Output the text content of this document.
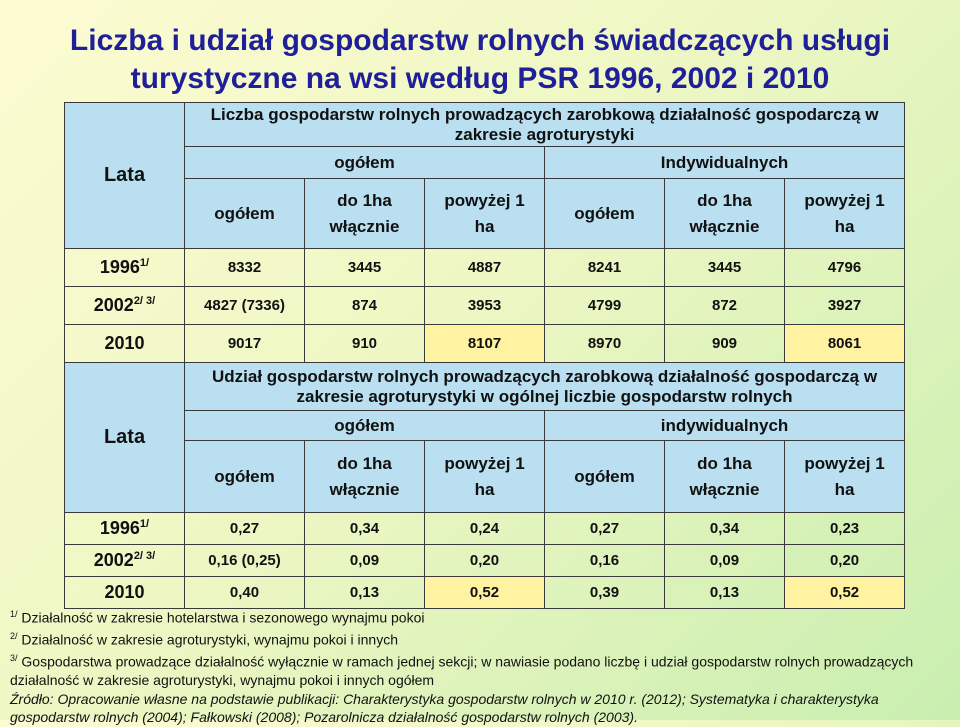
Liczba i udział gospodarstw rolnych świadczących usługi turystyczne na wsi według PSR 1996, 2002 i 2010
Lata	Liczba gospodarstw rolnych prowadzących zarobkową działalność gospodarczą w zakresie agroturystyki					
	ogółem			Indywidualnych		
	ogółem	do 1ha włącznie	powyżej 1 ha	ogółem	do 1ha włącznie	powyżej 1 ha
$1996^{1/}$	8332	3445	4887	8241	3445	4796
$2002^{2/ 3/}$	4827 (7336)	874	3953	4799	872	3927
2010	9017	910	8107	8970	909	8061
Lata	Udział gospodarstw rolnych prowadzących zarobkową działalność gospodarczą w zakresie agroturystyki w ogólnej liczbie gospodarstw rolnych					
	ogółem			indywidualnych		
	ogółem	do 1ha włącznie	powyżej 1 ha	ogółem	do 1ha włącznie	powyżej 1 ha
$1996^{1/}$	0,27	0,34	0,24	0,27	0,34	0,23
$2002^{2/ 3/}$	0,16 (0,25)	0,09	0,20	0,16	0,09	0,20
2010	0,40	0,13	0,52	0,39	0,13	0,52

$^{1/}$ Działalność w zakresie hotelarstwa i sezonowego wynajmu pokoi

$^{2/}$ Działalność w zakresie agroturystyki, wynajmu pokoi i innych

$^{3/}$ Gospodarstwa prowadzące działalność wyłącznie w ramach jednej sekcji; w nawiasie podano liczbę i udział gospodarstw rolnych prowadzących działalność w zakresie agroturystyki, wynajmu pokoi i innych ogółem

Źródło: Opracowanie własne na podstawie publikacji: Charakterystyka gospodarstw rolnych w 2010 r. (2012); Systematyka i charakterystyka gospodarstw rolnych (2004); Fałkowski (2008); Pozarolnicza działalność gospodarstw rolnych (2003).
